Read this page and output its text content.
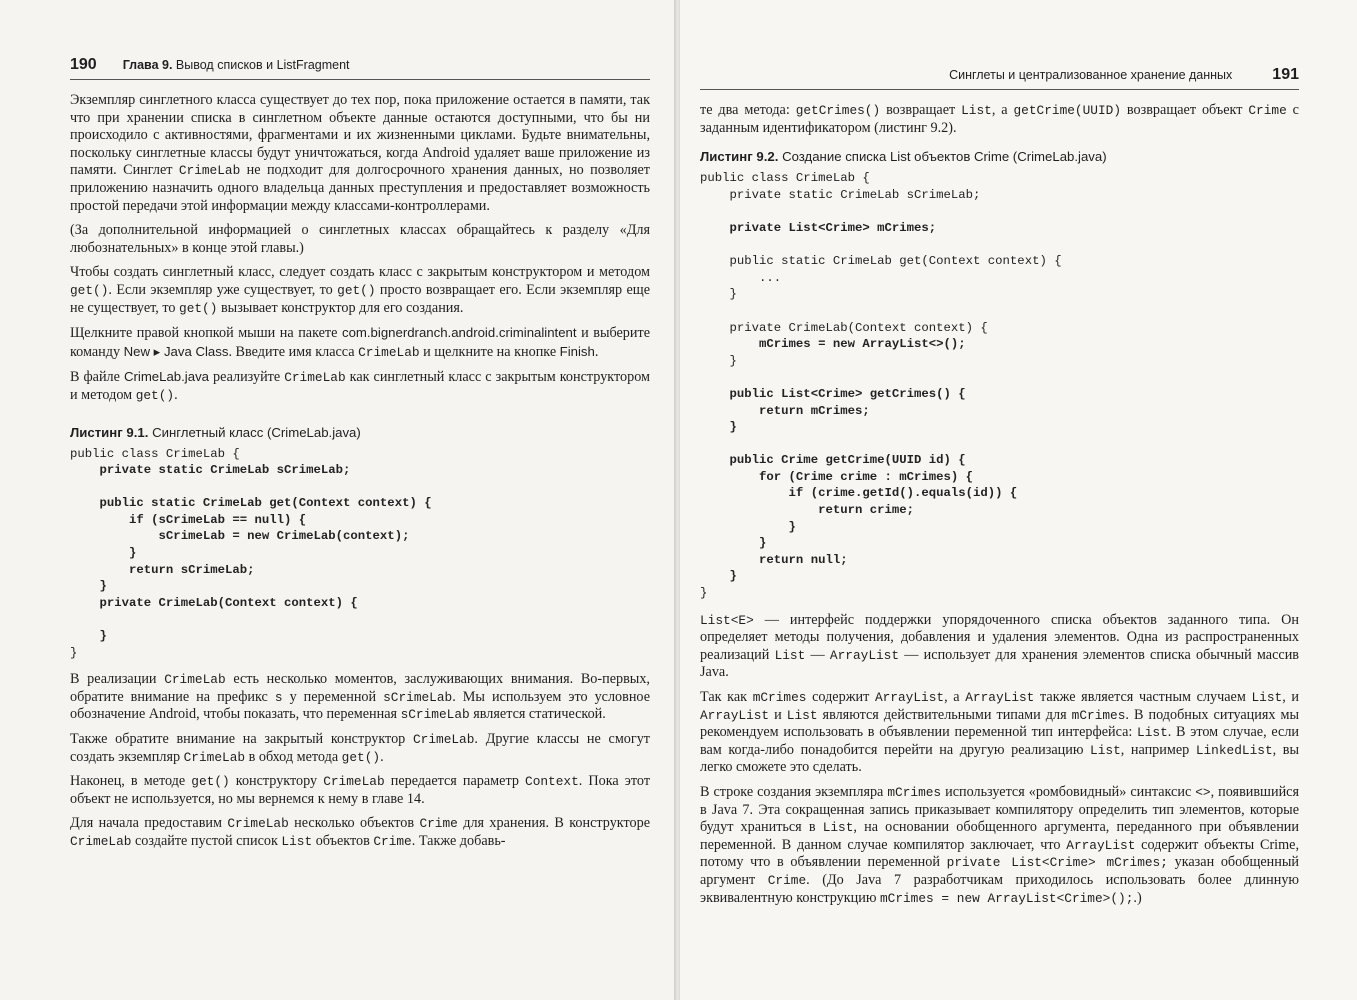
190 Глава 9. Вывод списков и ListFragment

Экземпляр синглетного класса существует до тех пор, пока приложение остается в памяти, так что при хранении списка в синглетном объекте данные остаются доступными, что бы ни происходило с активностями, фрагментами и их жизненными циклами. Будьте внимательны, поскольку синглетные классы будут уничтожаться, когда Android удаляет ваше приложение из памяти. Синглет CrimeLab не подходит для долгосрочного хранения данных, но позволяет приложению назначить одного владельца данных преступления и предоставляет возможность простой передачи этой информации между классами-контроллерами.

(За дополнительной информацией о синглетных классах обращайтесь к разделу «Для любознательных» в конце этой главы.)

Чтобы создать синглетный класс, следует создать класс с закрытым конструктором и методом get(). Если экземпляр уже существует, то get() просто возвращает его. Если экземпляр еще не существует, то get() вызывает конструктор для его создания.

Щелкните правой кнопкой мыши на пакете com.bignerdranch.android.criminalintent и выберите команду New ▸ Java Class. Введите имя класса CrimeLab и щелкните на кнопке Finish.

В файле CrimeLab.java реализуйте CrimeLab как синглетный класс с закрытым конструктором и методом get().

Листинг 9.1. Синглетный класс (CrimeLab.java)
public class CrimeLab {
private static CrimeLab sCrimeLab;

public static CrimeLab get(Context context) {
if (sCrimeLab == null) {
sCrimeLab = new CrimeLab(context);
}
return sCrimeLab;
}
private CrimeLab(Context context) {

}
}

В реализации CrimeLab есть несколько моментов, заслуживающих внимания. Во-первых, обратите внимание на префикс s у переменной sCrimeLab. Мы используем это условное обозначение Android, чтобы показать, что переменная sCrimeLab является статической.

Также обратите внимание на закрытый конструктор CrimeLab. Другие классы не смогут создать экземпляр CrimeLab в обход метода get().

Наконец, в методе get() конструктору CrimeLab передается параметр Context. Пока этот объект не используется, но мы вернемся к нему в главе 14.

Для начала предоставим CrimeLab несколько объектов Crime для хранения. В конструкторе CrimeLab создайте пустой список List объектов Crime. Также добавь-

Синглеты и централизованное хранение данных	191

те два метода: getCrimes() возвращает List, а getCrime(UUID) возвращает объект Crime с заданным идентификатором (листинг 9.2).

Листинг 9.2. Создание списка List объектов Crime (CrimeLab.java)
public class CrimeLab {
private static CrimeLab sCrimeLab;

private List<Crime> mCrimes;

public static CrimeLab get(Context context) {
...
}

private CrimeLab(Context context) {
mCrimes = new ArrayList<>();
}

public List<Crime> getCrimes() {
return mCrimes;
}

public Crime getCrime(UUID id) {
for (Crime crime : mCrimes) {
if (crime.getId().equals(id)) {
return crime;
}
}
return null;
}
}

List<E> — интерфейс поддержки упорядоченного списка объектов заданного типа. Он определяет методы получения, добавления и удаления элементов. Одна из распространенных реализаций List — ArrayList — использует для хранения элементов списка обычный массив Java.

Так как mCrimes содержит ArrayList, а ArrayList также является частным случаем List, и ArrayList и List являются действительными типами для mCrimes. В подобных ситуациях мы рекомендуем использовать в объявлении переменной тип интерфейса: List. В этом случае, если вам когда-либо понадобится перейти на другую реализацию List, например LinkedList, вы легко сможете это сделать.

В строке создания экземпляра mCrimes используется «ромбовидный» синтаксис <>, появившийся в Java 7. Эта сокращенная запись приказывает компилятору определить тип элементов, которые будут храниться в List, на основании обобщенного аргумента, переданного при объявлении переменной. В данном случае компилятор заключает, что ArrayList содержит объекты Crime, потому что в объявлении переменной private List<Crime> mCrimes; указан обобщенный аргумент Crime. (До Java 7 разработчикам приходилось использовать более длинную эквивалентную конструкцию mCrimes = new ArrayList<Crime>();.)
